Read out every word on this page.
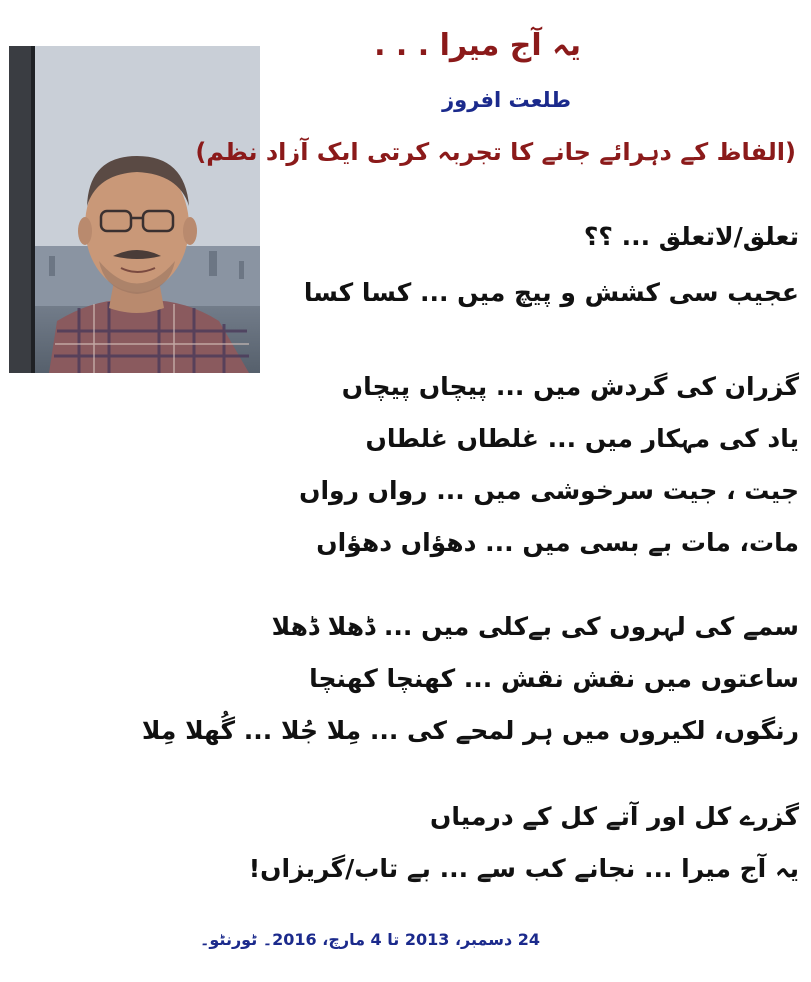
یہ آج میرا . . .
طلعت افروز
(الفاظ کے دہرائے جانے کا تجربہ کرتی ایک آزاد نظم)
تعلق/لاتعلق ... ؟؟
عجیب سی کشش و پیچ میں ... کسا کسا
گزران کی گردش میں ... پیچاں پیچاں
یاد کی مہکار میں ... غلطاں غلطاں
جیت ، جیت سرخوشی میں ... رواں رواں
مات، مات بے بسی میں ... دھؤاں دھؤاں
سمے کی لہروں کی بےکلی میں ... ڈھلا ڈھلا
ساعتوں میں نقش نقش ... کھنچا کھنچا
رنگوں، لکیروں میں ہر لمحے کی ... مِلا جُلا ... گُھلا مِلا
گزرے کل اور آتے کل کے درمیاں
یہ آج میرا ... نجانے کب سے ... بے تاب/گریزاں!
24 دسمبر، 2013 تا 4 مارچ، 2016۔ ٹورنٹو۔
